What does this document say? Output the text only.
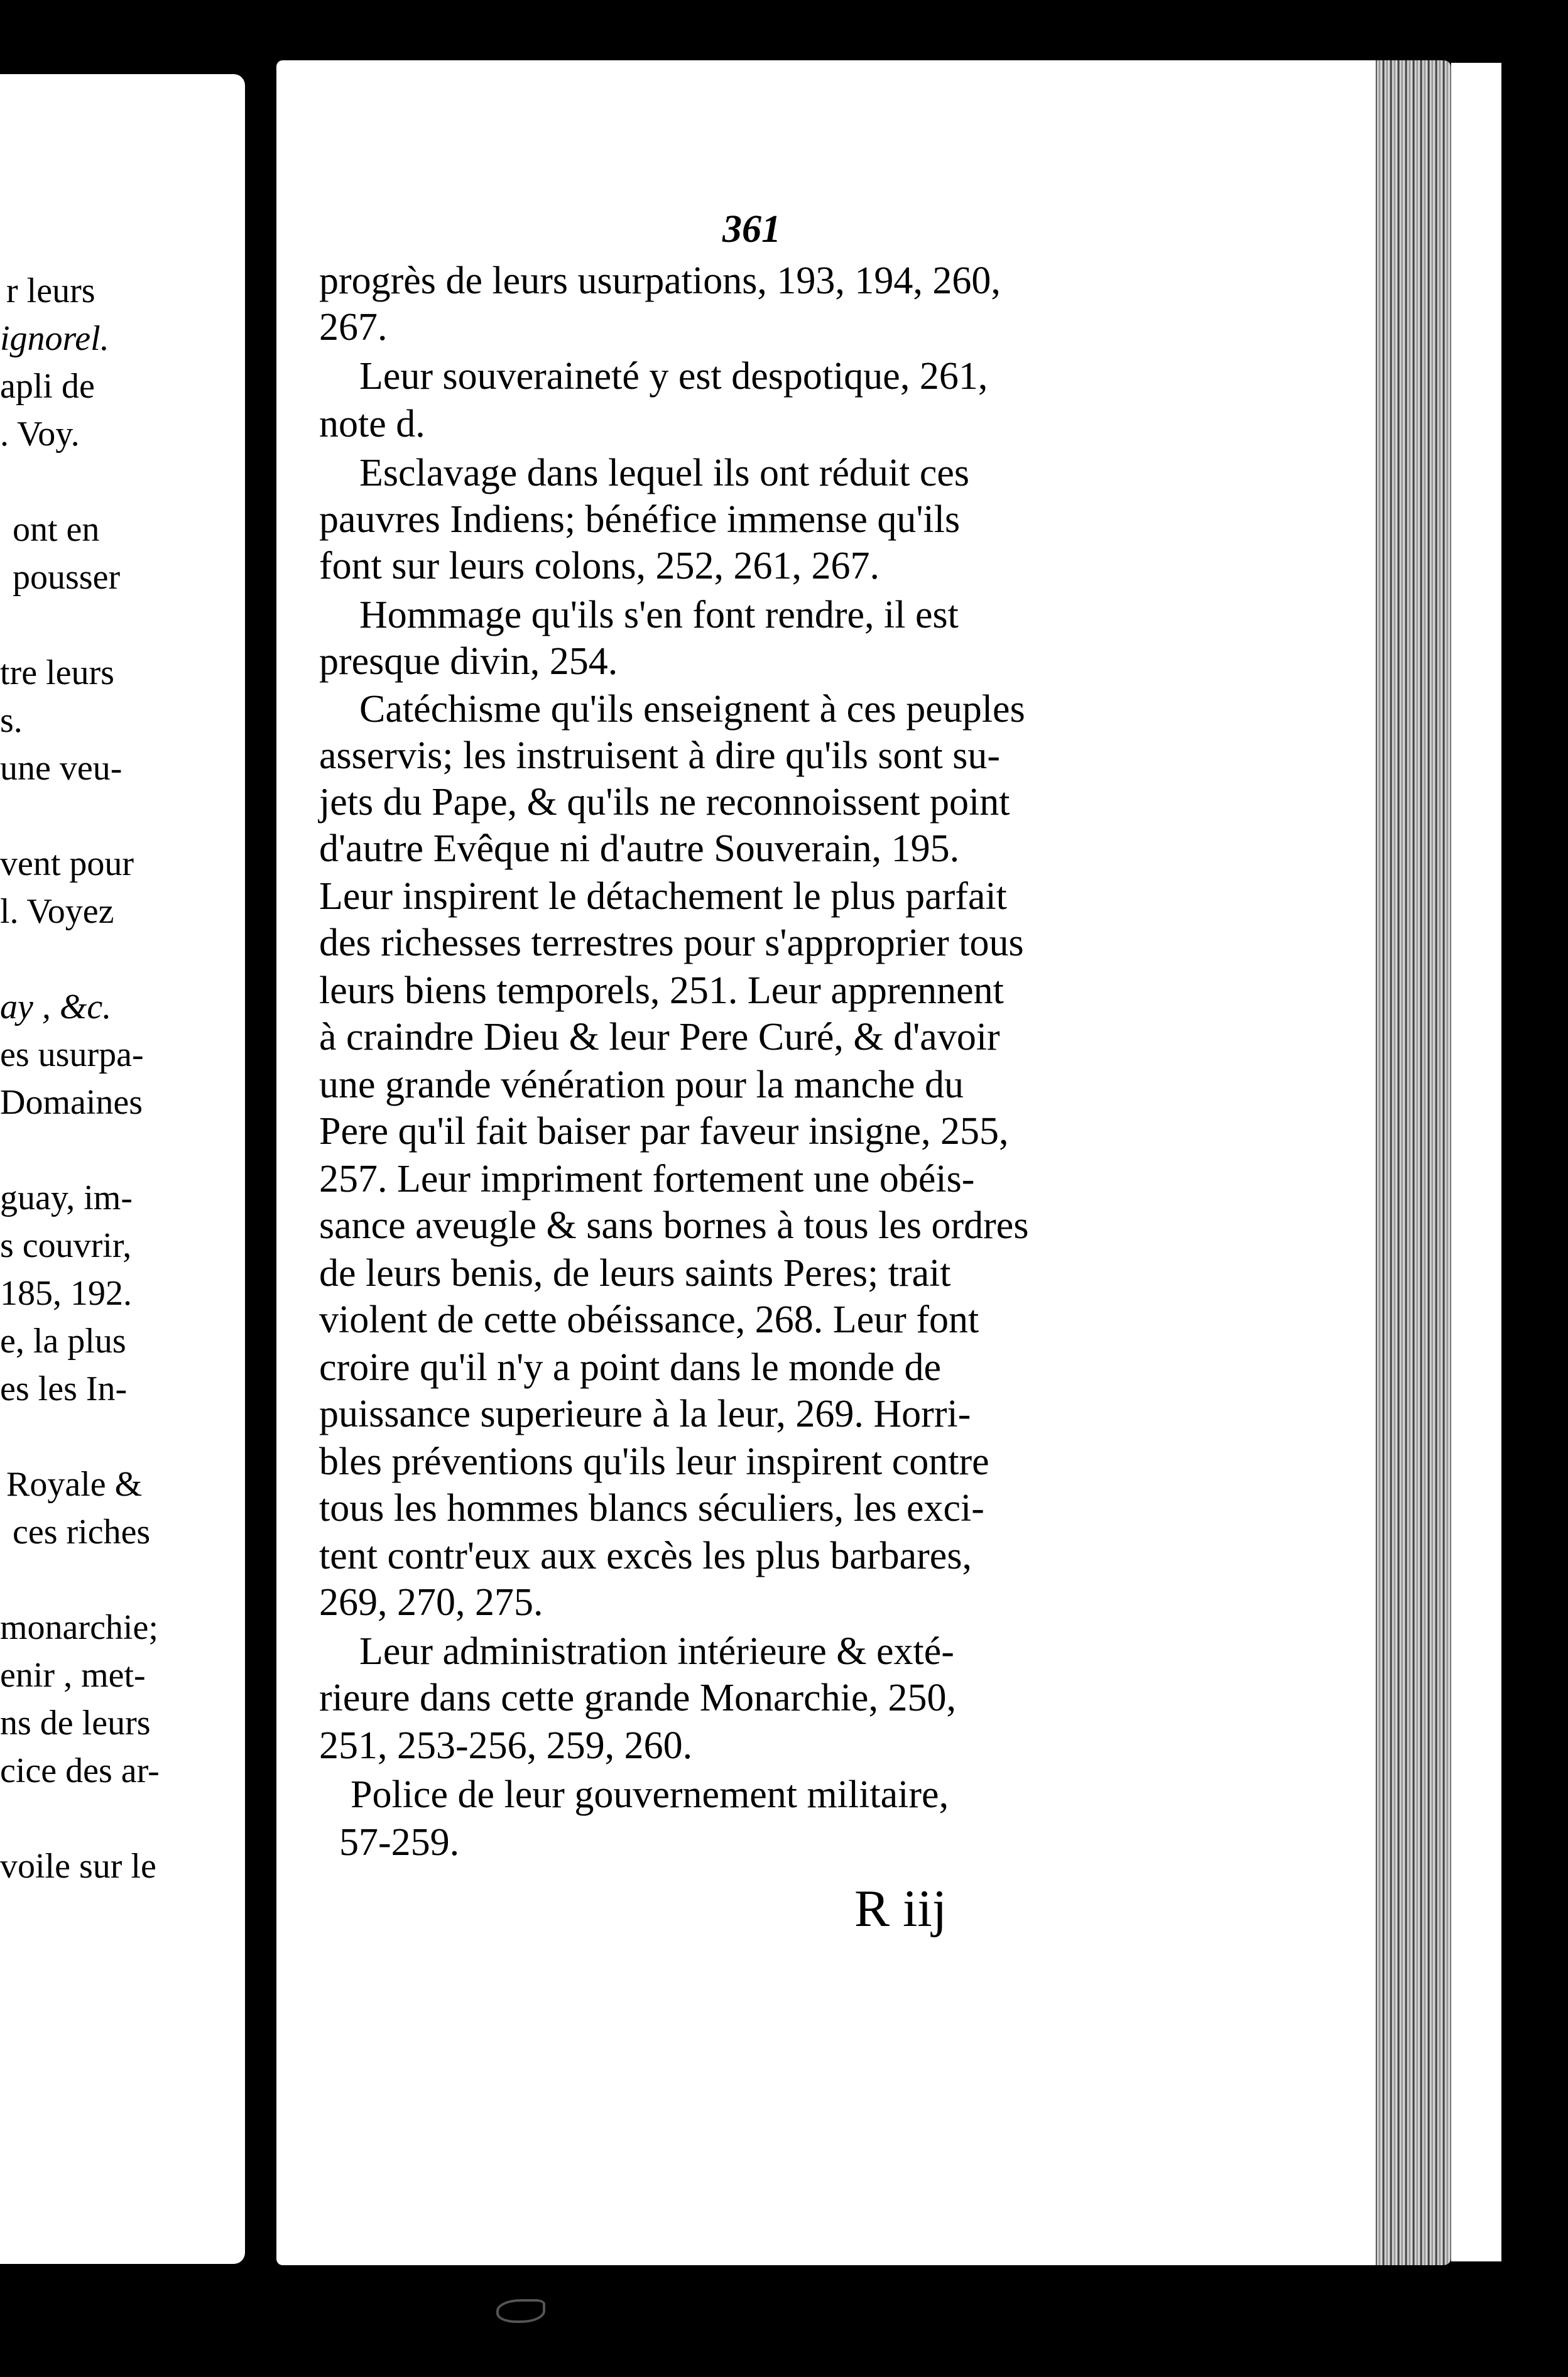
r leurs
ignorel.
apli de
. Voy.
ont en
pousser
tre leurs
s.
une veu-
vent pour
l. Voyez
ay , &c.
es usurpa-
Domaines
guay, im-
s couvrir,
185, 192.
e, la plus
es les In-
Royale &
ces riches
monarchie;
enir , met-
ns de leurs
cice des ar-
voile sur le
361
progrès de leurs usurpations, 193, 194, 260,
267.
Leur souveraineté y est despotique, 261,
note d.
Esclavage dans lequel ils ont réduit ces
pauvres Indiens; bénéfice immense qu'ils
font sur leurs colons, 252, 261, 267.
Hommage qu'ils s'en font rendre, il est
presque divin, 254.
Catéchisme qu'ils enseignent à ces peuples
asservis; les instruisent à dire qu'ils sont su-
jets du Pape, & qu'ils ne reconnoissent point
d'autre Evêque ni d'autre Souverain, 195.
Leur inspirent le détachement le plus parfait
des richesses terrestres pour s'approprier tous
leurs biens temporels, 251. Leur apprennent
à craindre Dieu & leur Pere Curé, & d'avoir
une grande vénération pour la manche du
Pere qu'il fait baiser par faveur insigne, 255,
257. Leur impriment fortement une obéis-
sance aveugle & sans bornes à tous les ordres
de leurs benis, de leurs saints Peres; trait
violent de cette obéissance, 268. Leur font
croire qu'il n'y a point dans le monde de
puissance superieure à la leur, 269. Horri-
bles préventions qu'ils leur inspirent contre
tous les hommes blancs séculiers, les exci-
tent contr'eux aux excès les plus barbares,
269, 270, 275.
Leur administration intérieure & exté-
rieure dans cette grande Monarchie, 250,
251, 253-256, 259, 260.
Police de leur gouvernement militaire,
57-259.
R iij
